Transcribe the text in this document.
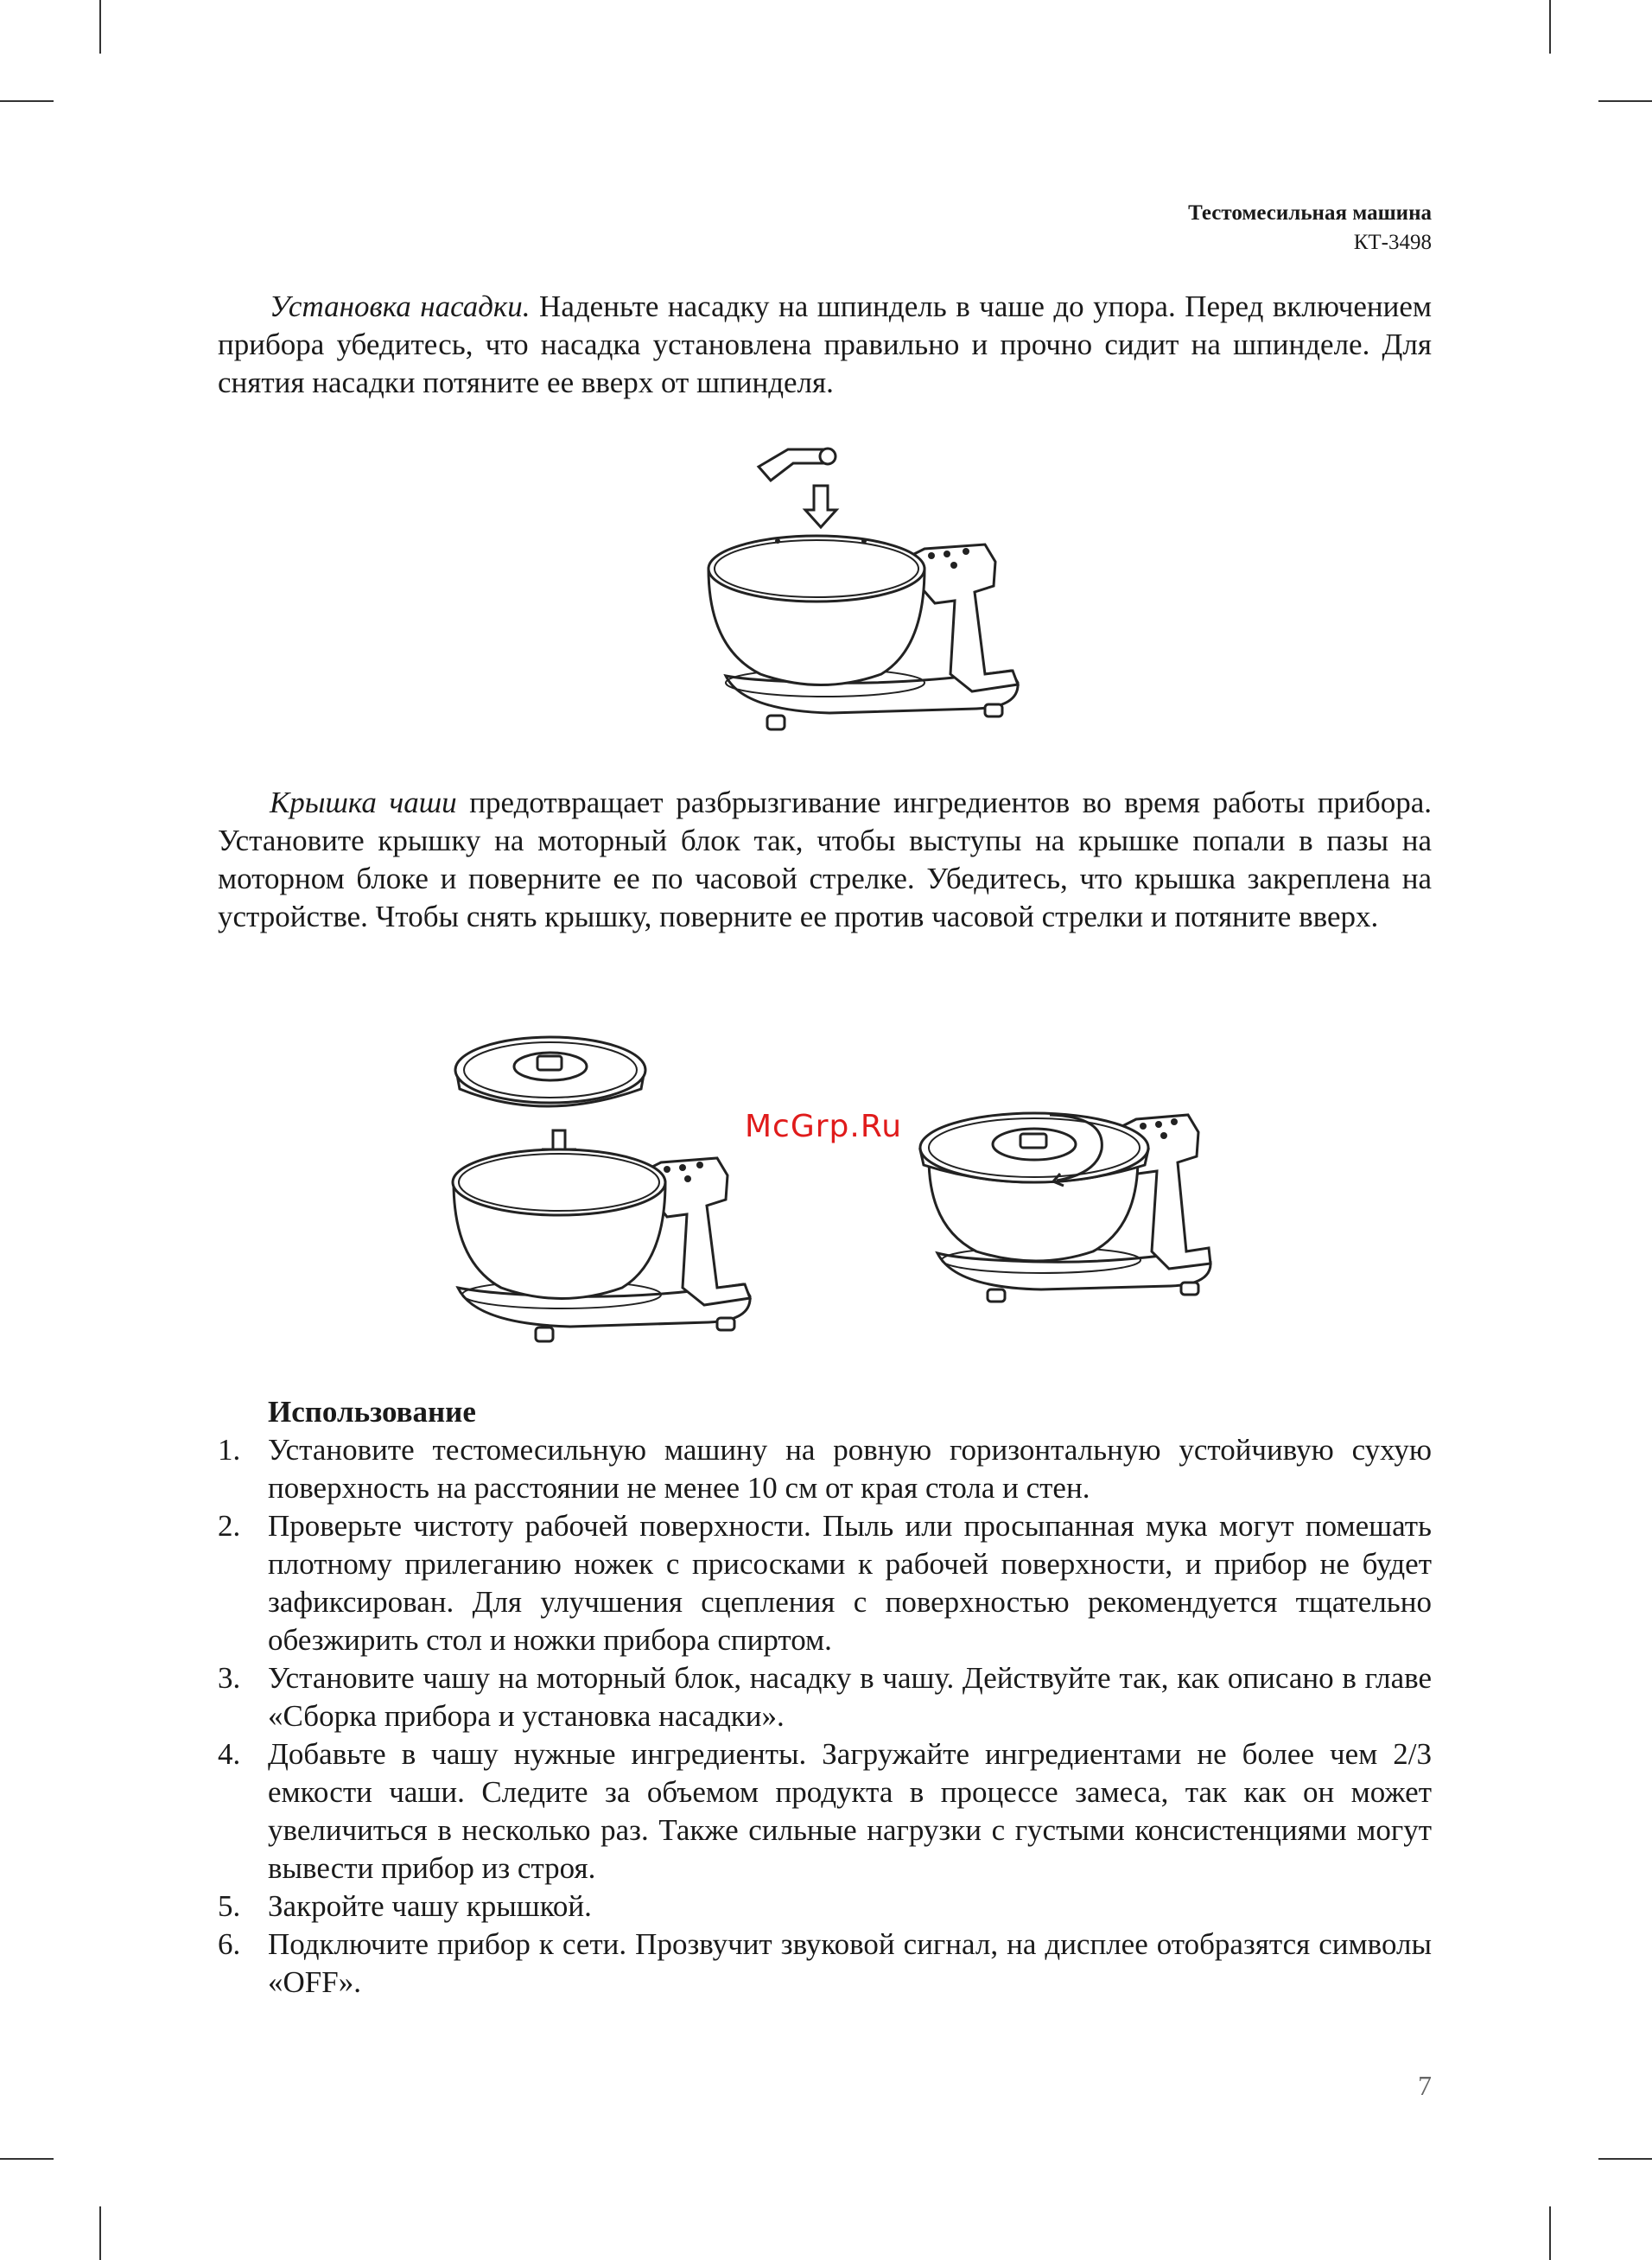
Тестомесильная машина
КТ-3498
Установка насадки. Наденьте насадку на шпиндель в чаше до упора. Перед включением прибора убедитесь, что насадка установлена правильно и прочно сидит на шпинделе. Для снятия насадки потяните ее вверх от шпинделя.
Крышка чаши предотвращает разбрызгивание ингредиентов во время работы прибора. Установите крышку на моторный блок так, чтобы выступы на крышке попали в пазы на моторном блоке и поверните ее по часовой стрелке. Убедитесь, что крышка закреплена на устройстве. Чтобы снять крышку, поверните ее против часовой стрелки и потяните вверх.
McGrp.Ru
Использование
1. Установите тестомесильную машину на ровную горизонтальную устойчивую сухую поверхность на расстоянии не менее 10 см от края стола и стен.
2. Проверьте чистоту рабочей поверхности. Пыль или просыпанная мука могут помешать плотному прилеганию ножек с присосками к рабочей поверхности, и прибор не будет зафиксирован. Для улучшения сцепления с поверхностью рекомендуется тщательно обезжирить стол и ножки прибора спиртом.
3. Установите чашу на моторный блок, насадку в чашу. Действуйте так, как описано в главе «Сборка прибора и установка насадки».
4. Добавьте в чашу нужные ингредиенты. Загружайте ингредиентами не более чем 2/3 емкости чаши. Следите за объемом продукта в процессе замеса, так как он может увеличиться в несколько раз. Также сильные нагрузки с густыми консистенциями могут вывести прибор из строя.
5. Закройте чашу крышкой.
6. Подключите прибор к сети. Прозвучит звуковой сигнал, на дисплее отобразятся символы «OFF».
7
